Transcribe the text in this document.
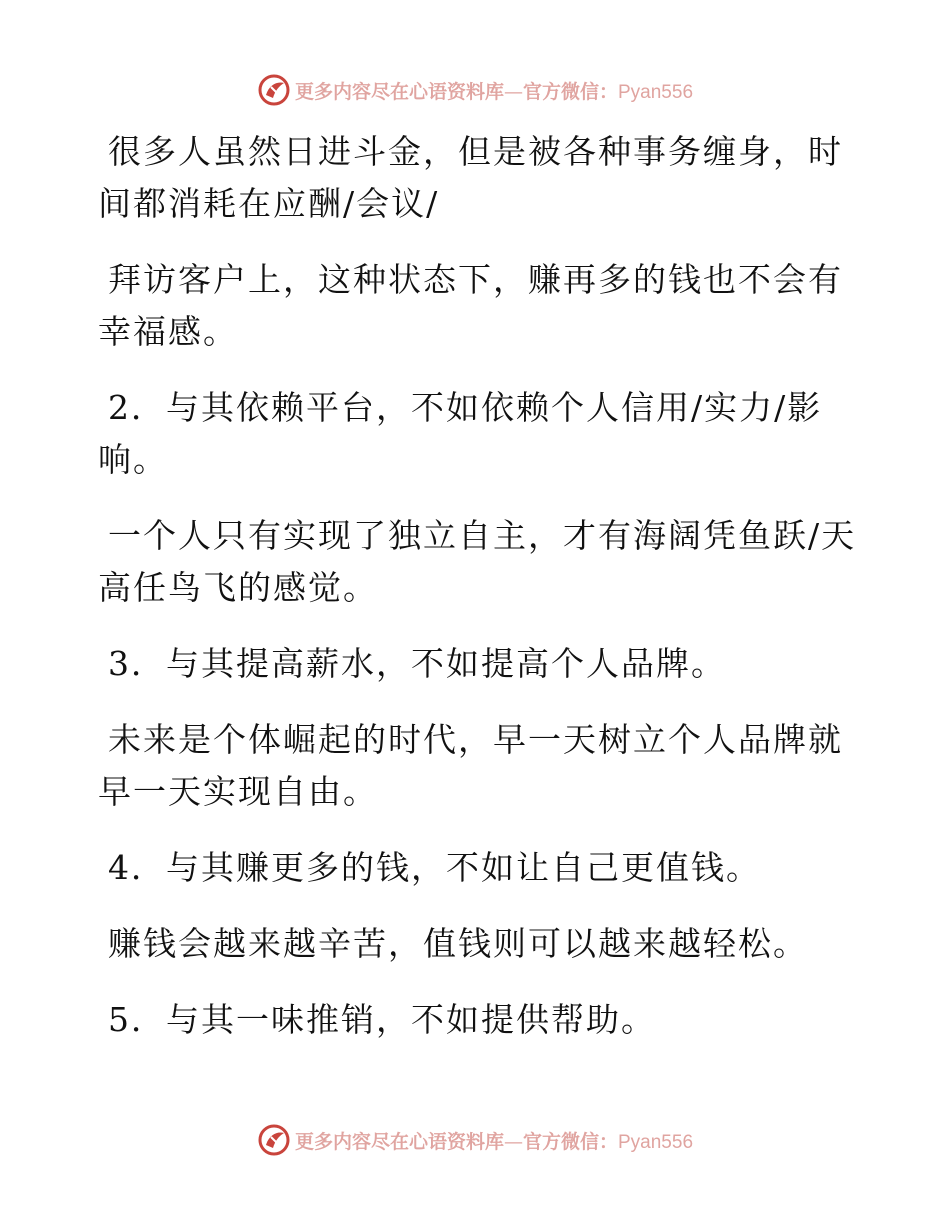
更多内容尽在心语资料库—官方微信：Pyan556

很多人虽然日进斗金，但是被各种事务缠身，时间都消耗在应酬/会议/

拜访客户上，这种状态下，赚再多的钱也不会有幸福感。

2．与其依赖平台，不如依赖个人信用/实力/影响。

一个人只有实现了独立自主，才有海阔凭鱼跃/天高任鸟飞的感觉。

3．与其提高薪水，不如提高个人品牌。

未来是个体崛起的时代，早一天树立个人品牌就早一天实现自由。

4．与其赚更多的钱，不如让自己更值钱。

赚钱会越来越辛苦，值钱则可以越来越轻松。

5．与其一味推销，不如提供帮助。

更多内容尽在心语资料库—官方微信：Pyan556
